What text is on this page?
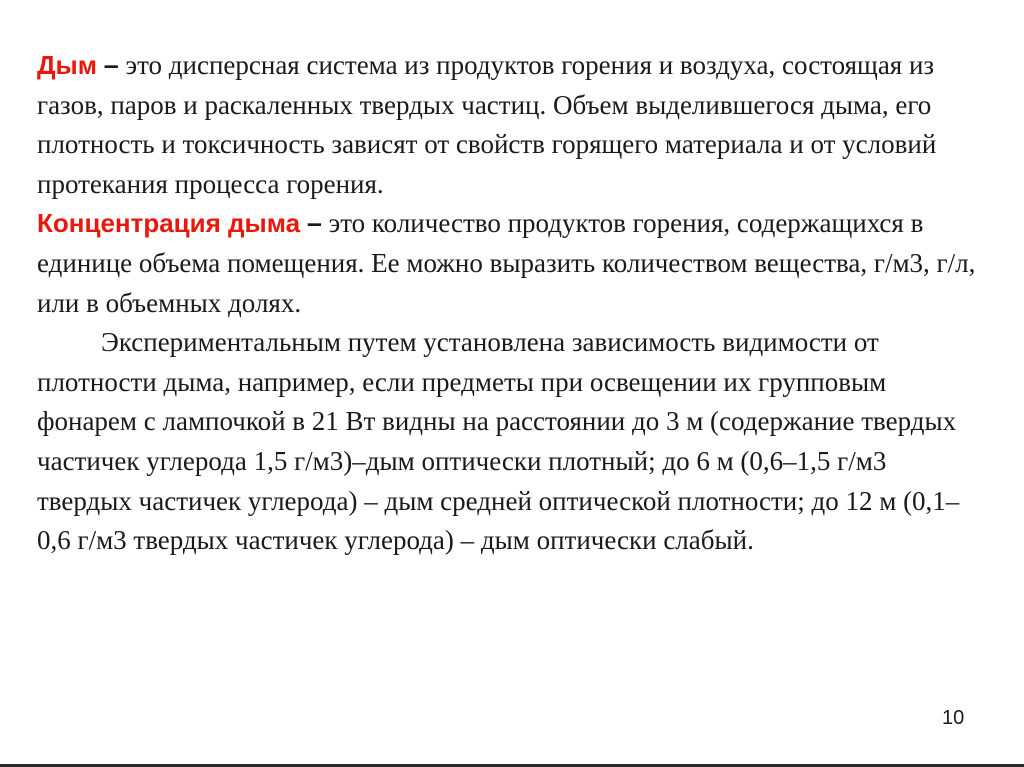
Дым – это дисперсная система из продуктов горения и воздуха, состоящая из газов, паров и раскаленных твердых частиц. Объем выделившегося дыма, его плотность и токсичность зависят от свойств горящего материала и от условий протекания процесса горения.

Концентрация дыма – это количество продуктов горения, содержащихся в единице объема помещения. Ее можно выразить количеством вещества, г/м3, г/л, или в объемных долях.

Экспериментальным путем установлена зависимость видимости от плотности дыма, например, если предметы при освещении их групповым фонарем с лампочкой в 21 Вт видны на расстоянии до 3 м (содержание твердых частичек углерода 1,5 г/м3)–дым оптически плотный; до 6 м (0,6–1,5 г/м3 твердых частичек углерода) – дым средней оптической плотности; до 12 м (0,1–0,6 г/м3 твердых частичек углерода) – дым оптически слабый.

10
